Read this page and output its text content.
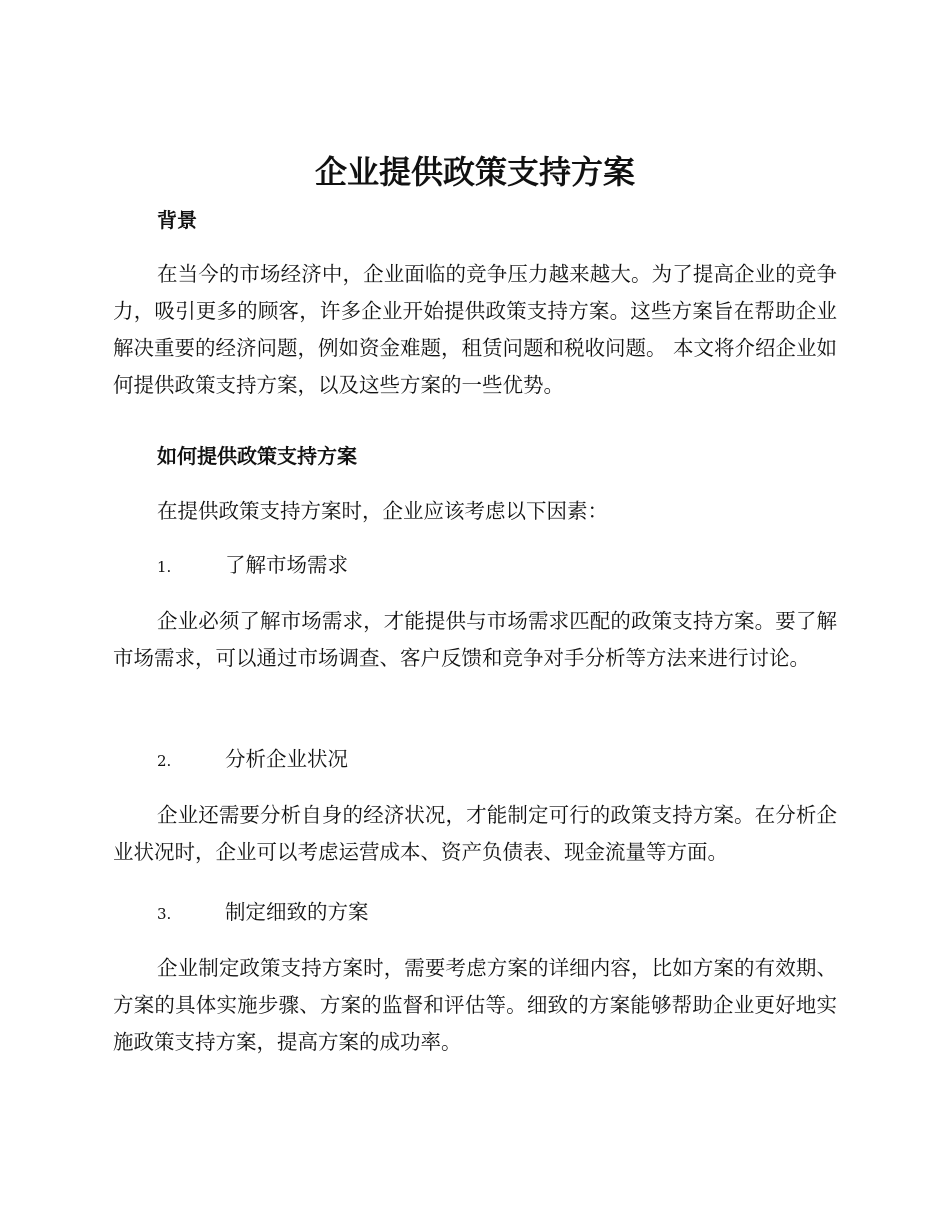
企业提供政策支持方案
背景

在当今的市场经济中，企业面临的竞争压力越来越大。为了提高企业的竞争力，吸引更多的顾客，许多企业开始提供政策支持方案。这些方案旨在帮助企业解决重要的经济问题，例如资金难题，租赁问题和税收问题。 本文将介绍企业如何提供政策支持方案，以及这些方案的一些优势。

如何提供政策支持方案

在提供政策支持方案时，企业应该考虑以下因素：

1.	了解市场需求

企业必须了解市场需求，才能提供与市场需求匹配的政策支持方案。要了解市场需求，可以通过市场调查、客户反馈和竞争对手分析等方法来进行讨论。

2.	分析企业状况

企业还需要分析自身的经济状况，才能制定可行的政策支持方案。在分析企业状况时，企业可以考虑运营成本、资产负债表、现金流量等方面。

3.	制定细致的方案

企业制定政策支持方案时，需要考虑方案的详细内容，比如方案的有效期、方案的具体实施步骤、方案的监督和评估等。细致的方案能够帮助企业更好地实施政策支持方案，提高方案的成功率。
